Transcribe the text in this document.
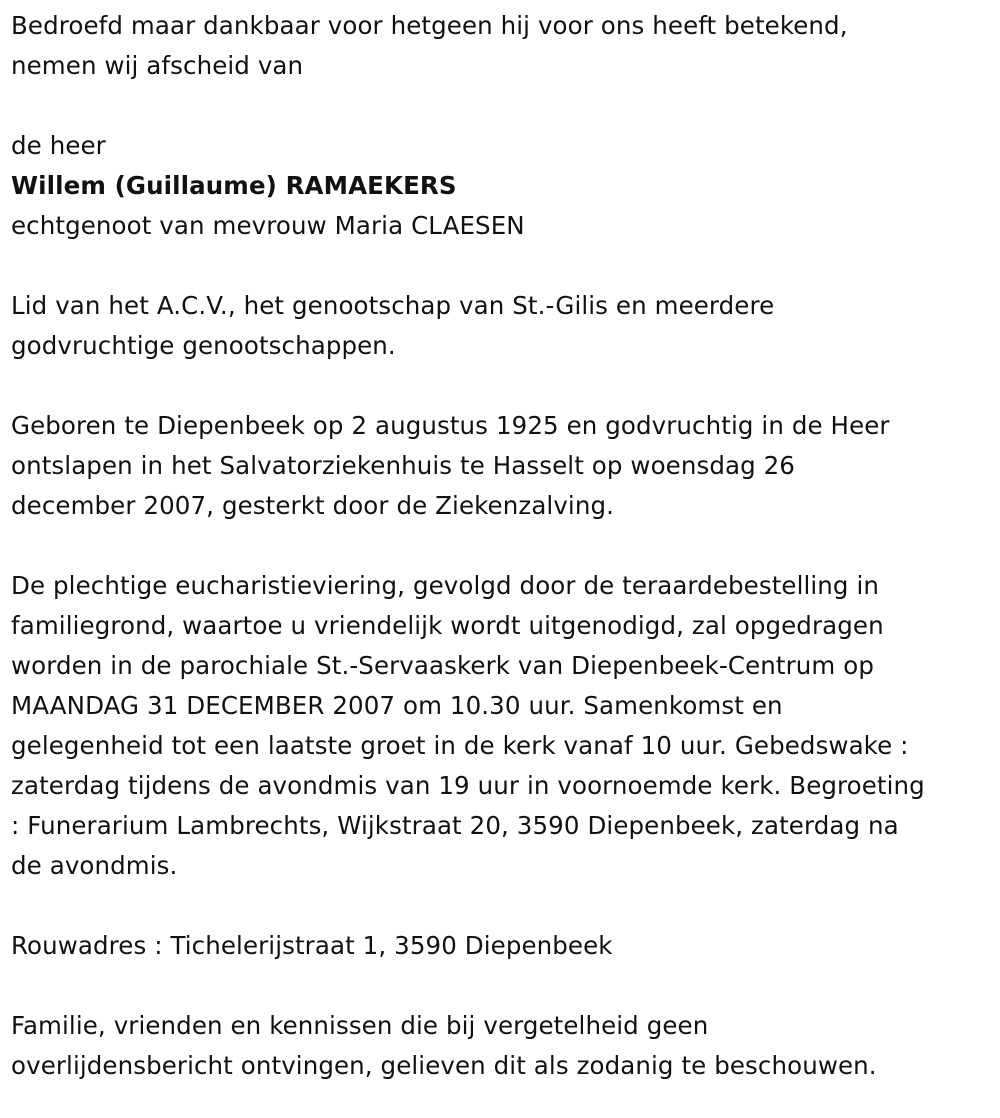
Bedroefd maar dankbaar voor hetgeen hij voor ons heeft betekend,

nemen wij afscheid van

de heer

Willem (Guillaume) RAMAEKERS

echtgenoot van mevrouw Maria CLAESEN

Lid van het A.C.V., het genootschap van St.-Gilis en meerdere

godvruchtige genootschappen.

Geboren te Diepenbeek op 2 augustus 1925 en godvruchtig in de Heer

ontslapen in het Salvatorziekenhuis te Hasselt op woensdag 26

december 2007, gesterkt door de Ziekenzalving.

De plechtige eucharistieviering, gevolgd door de teraardebestelling in

familiegrond, waartoe u vriendelijk wordt uitgenodigd, zal opgedragen

worden in de parochiale St.-Servaaskerk van Diepenbeek-Centrum op

MAANDAG 31 DECEMBER 2007 om 10.30 uur. Samenkomst en

gelegenheid tot een laatste groet in de kerk vanaf 10 uur. Gebedswake :

zaterdag tijdens de avondmis van 19 uur in voornoemde kerk. Begroeting

: Funerarium Lambrechts, Wijkstraat 20, 3590 Diepenbeek, zaterdag na

de avondmis.

Rouwadres : Tichelerijstraat 1, 3590 Diepenbeek

Familie, vrienden en kennissen die bij vergetelheid geen

overlijdensbericht ontvingen, gelieven dit als zodanig te beschouwen.
